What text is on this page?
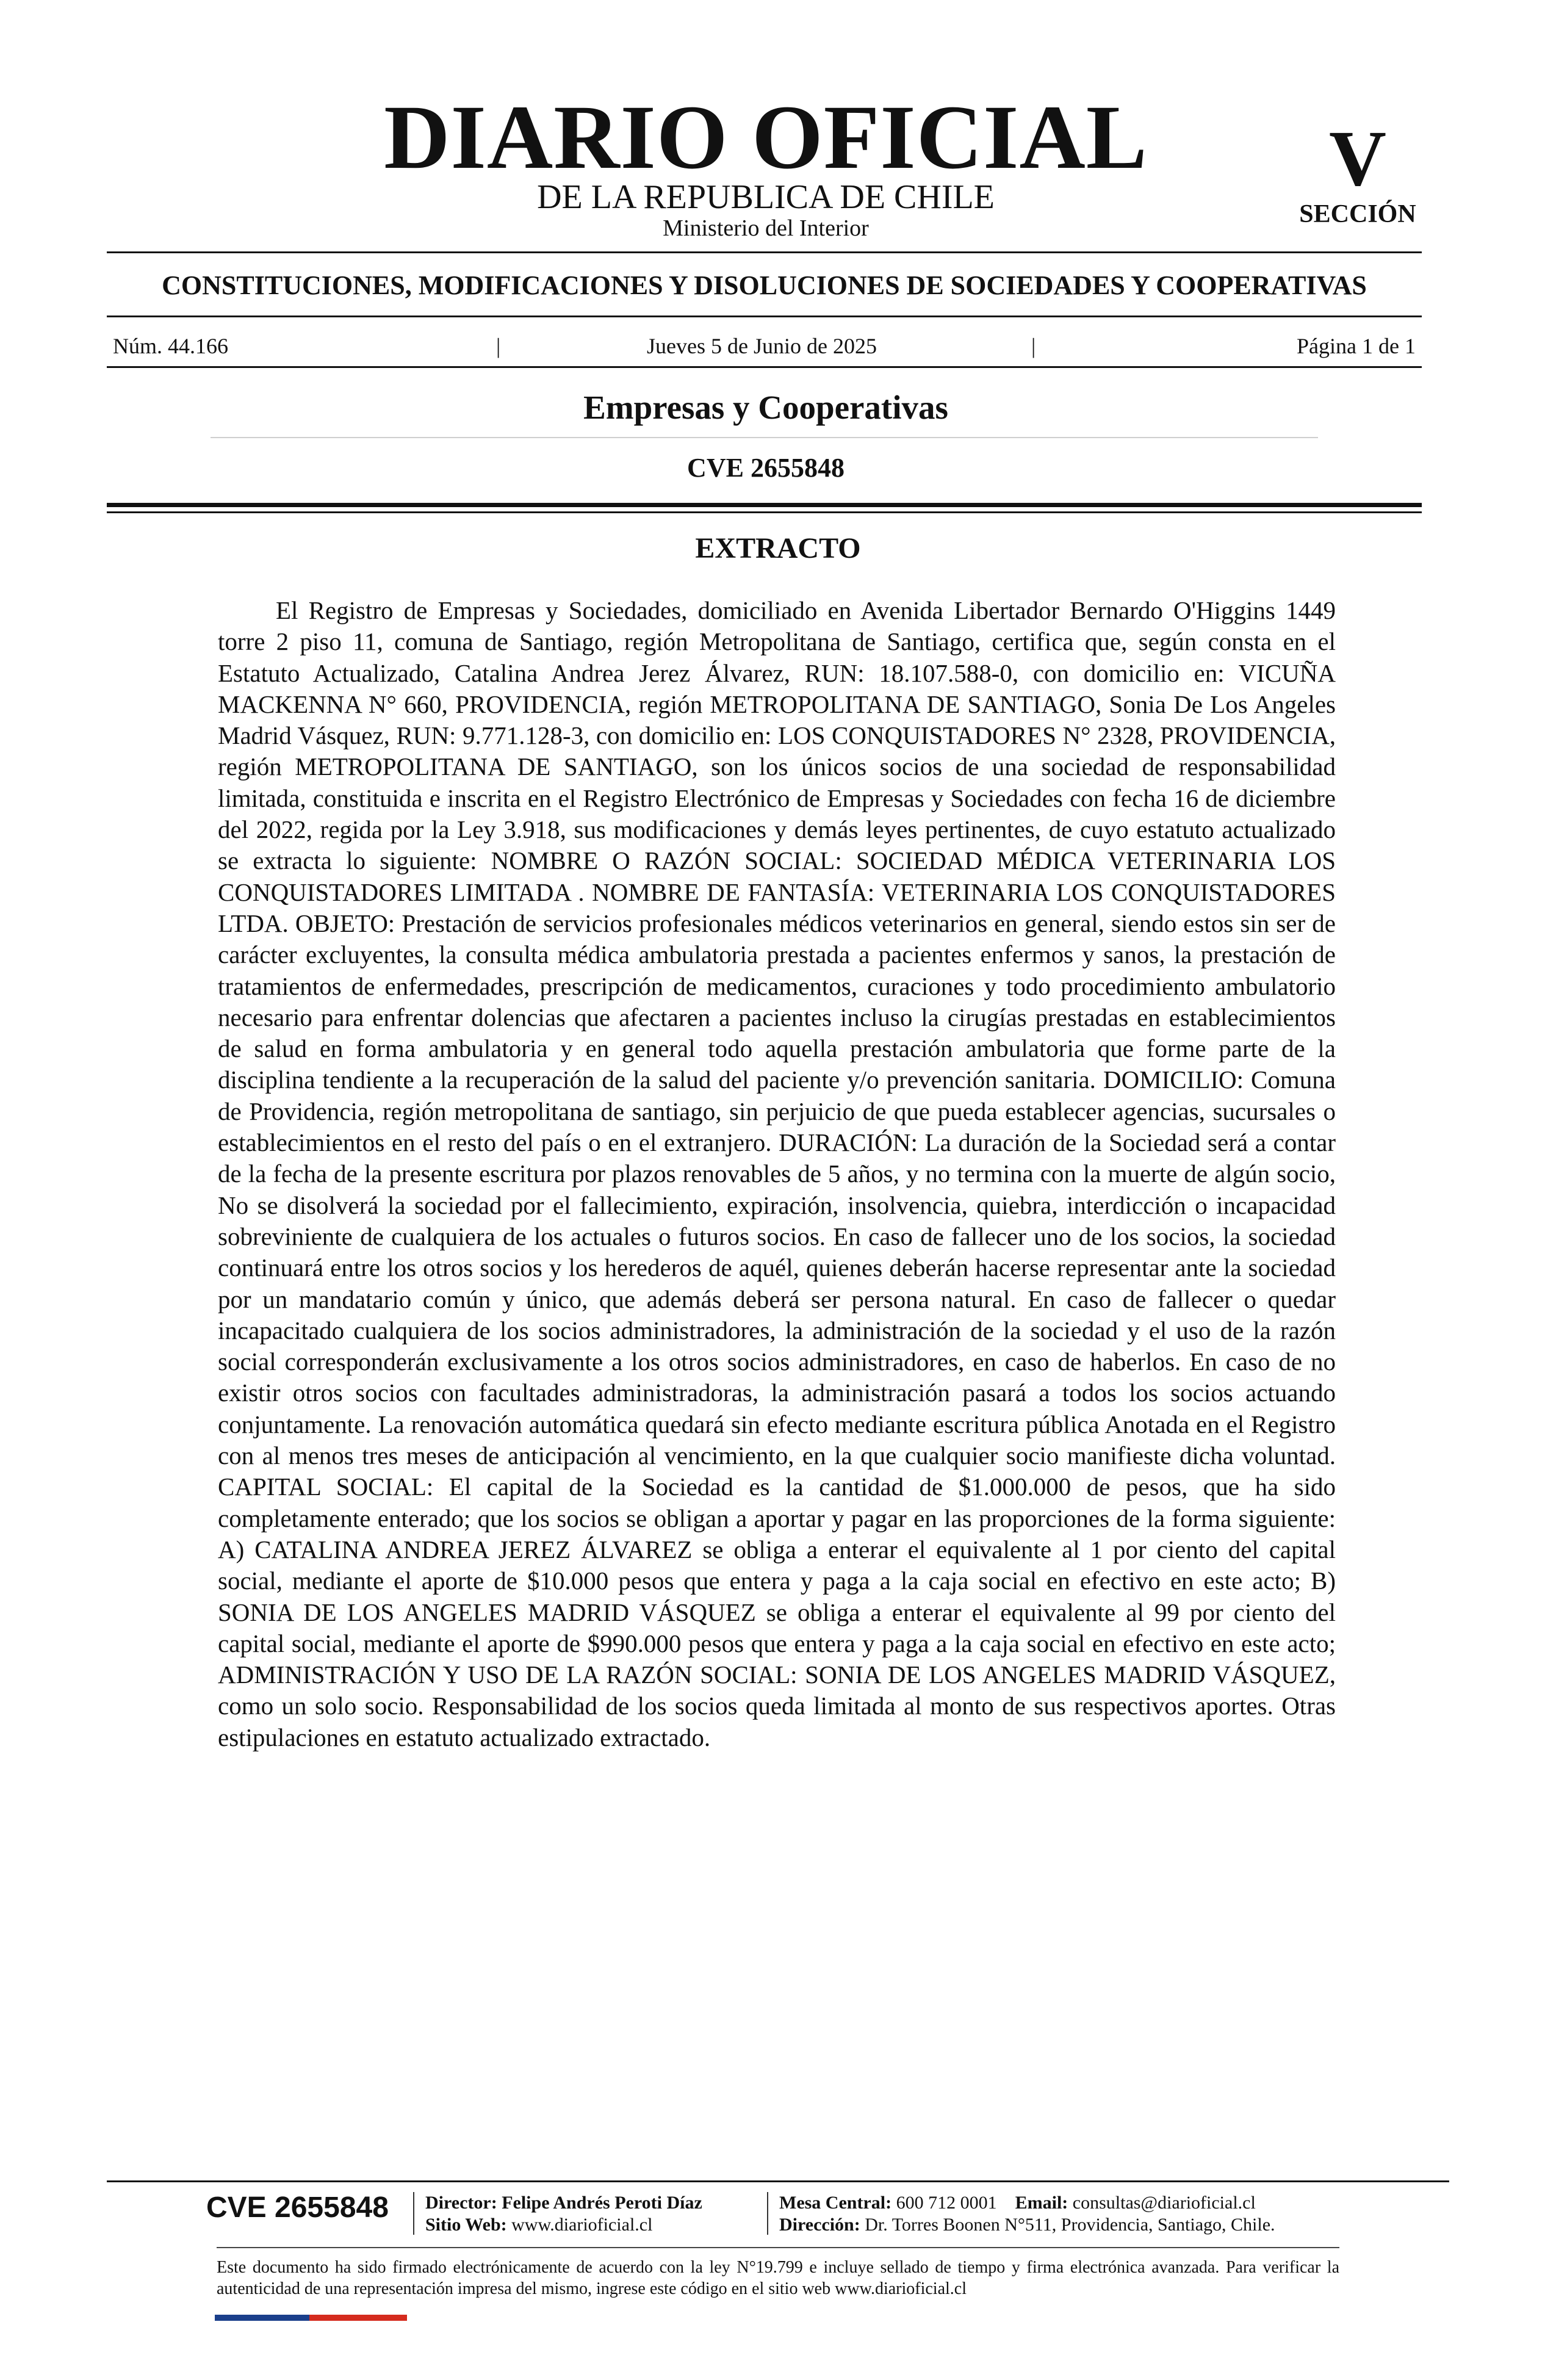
DIARIO OFICIAL
DE LA REPUBLICA DE CHILE
Ministerio del Interior
V
SECCIÓN
CONSTITUCIONES, MODIFICACIONES Y DISOLUCIONES DE SOCIEDADES Y COOPERATIVAS
Núm. 44.166	|	Jueves 5 de Junio de 2025	|	Página 1 de 1
Empresas y Cooperativas
CVE 2655848
EXTRACTO

El Registro de Empresas y Sociedades, domiciliado en Avenida Libertador Bernardo O'Higgins 1449 torre 2 piso 11, comuna de Santiago, región Metropolitana de Santiago, certifica que, según consta en el Estatuto Actualizado, Catalina Andrea Jerez Álvarez, RUN: 18.107.588-0, con domicilio en: VICUÑA MACKENNA N° 660, PROVIDENCIA, región METROPOLITANA DE SANTIAGO, Sonia De Los Angeles Madrid Vásquez, RUN: 9.771.128-3, con domicilio en: LOS CONQUISTADORES N° 2328, PROVIDENCIA, región METROPOLITANA DE SANTIAGO, son los únicos socios de una sociedad de responsabilidad limitada, constituida e inscrita en el Registro Electrónico de Empresas y Sociedades con fecha 16 de diciembre del 2022, regida por la Ley 3.918, sus modificaciones y demás leyes pertinentes, de cuyo estatuto actualizado se extracta lo siguiente: NOMBRE O RAZÓN SOCIAL: SOCIEDAD MÉDICA VETERINARIA LOS CONQUISTADORES LIMITADA . NOMBRE DE FANTASÍA: VETERINARIA LOS CONQUISTADORES LTDA. OBJETO: Prestación de servicios profesionales médicos veterinarios en general, siendo estos sin ser de carácter excluyentes, la consulta médica ambulatoria prestada a pacientes enfermos y sanos, la prestación de tratamientos de enfermedades, prescripción de medicamentos, curaciones y todo procedimiento ambulatorio necesario para enfrentar dolencias que afectaren a pacientes incluso la cirugías prestadas en establecimientos de salud en forma ambulatoria y en general todo aquella prestación ambulatoria que forme parte de la disciplina tendiente a la recuperación de la salud del paciente y/o prevención sanitaria. DOMICILIO: Comuna de Providencia, región metropolitana de santiago, sin perjuicio de que pueda establecer agencias, sucursales o establecimientos en el resto del país o en el extranjero. DURACIÓN: La duración de la Sociedad será a contar de la fecha de la presente escritura por plazos renovables de 5 años, y no termina con la muerte de algún socio, No se disolverá la sociedad por el fallecimiento, expiración, insolvencia, quiebra, interdicción o incapacidad sobreviniente de cualquiera de los actuales o futuros socios. En caso de fallecer uno de los socios, la sociedad continuará entre los otros socios y los herederos de aquél, quienes deberán hacerse representar ante la sociedad por un mandatario común y único, que además deberá ser persona natural. En caso de fallecer o quedar incapacitado cualquiera de los socios administradores, la administración de la sociedad y el uso de la razón social corresponderán exclusivamente a los otros socios administradores, en caso de haberlos. En caso de no existir otros socios con facultades administradoras, la administración pasará a todos los socios actuando conjuntamente. La renovación automática quedará sin efecto mediante escritura pública Anotada en el Registro con al menos tres meses de anticipación al vencimiento, en la que cualquier socio manifieste dicha voluntad. CAPITAL SOCIAL: El capital de la Sociedad es la cantidad de $1.000.000 de pesos, que ha sido completamente enterado; que los socios se obligan a aportar y pagar en las proporciones de la forma siguiente: A) CATALINA ANDREA JEREZ ÁLVAREZ se obliga a enterar el equivalente al 1 por ciento del capital social, mediante el aporte de $10.000 pesos que entera y paga a la caja social en efectivo en este acto; B) SONIA DE LOS ANGELES MADRID VÁSQUEZ se obliga a enterar el equivalente al 99 por ciento del capital social, mediante el aporte de $990.000 pesos que entera y paga a la caja social en efectivo en este acto; ADMINISTRACIÓN Y USO DE LA RAZÓN SOCIAL: SONIA DE LOS ANGELES MADRID VÁSQUEZ, como un solo socio. Responsabilidad de los socios queda limitada al monto de sus respectivos aportes. Otras estipulaciones en estatuto actualizado extractado.

CVE 2655848 Director: Felipe Andrés Peroti Díaz
Sitio Web: www.diarioficial.cl
Mesa Central: 600 712 0001 Email: consultas@diarioficial.cl
Dirección: Dr. Torres Boonen N°511, Providencia, Santiago, Chile.
Este documento ha sido firmado electrónicamente de acuerdo con la ley N°19.799 e incluye sellado de tiempo y firma electrónica avanzada. Para verificar la autenticidad de una representación impresa del mismo, ingrese este código en el sitio web www.diarioficial.cl
